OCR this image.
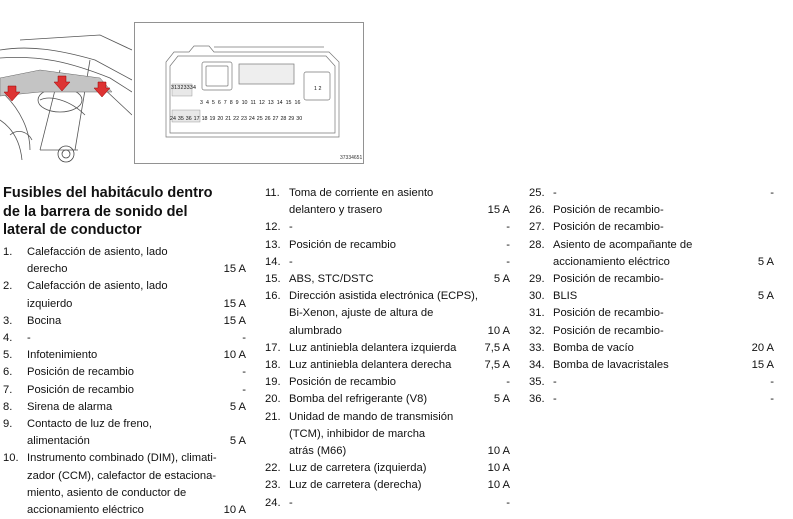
31323334	1 2
3 4 5 6 7 8 9 10 11 12 13 14 15 16
24 35 36 17 18 19 20 21 22 23 24 25 26 27 28 29 30
37334651
Fusibles del habitáculo dentro
de la barrera de sonido del
lateral de conductor
1.	Calefacción de asiento, lado
derecho	15 A
2.	Calefacción de asiento, lado
izquierdo	15 A
3.	Bocina	15 A
4.	-	-
5.	Infotenimiento	10 A
6.	Posición de recambio	-
7.	Posición de recambio	-
8.	Sirena de alarma	5 A
9.	Contacto de luz de freno,
alimentación	5 A
10. Instrumento combinado (DIM), climati-
zador (CCM), calefactor de estaciona-
miento, asiento de conductor de
accionamiento eléctrico	10 A
11. Toma de corriente en asiento
delantero y trasero	15 A
12. -	-
13. Posición de recambio	-
14. -	-
15. ABS, STC/DSTC	5 A
16. Dirección asistida electrónica (ECPS),
Bi-Xenon, ajuste de altura de
alumbrado	10 A
17. Luz antiniebla delantera izquierda	7,5 A
18. Luz antiniebla delantera derecha	7,5 A
19. Posición de recambio	-
20. Bomba del refrigerante (V8)	5 A
21. Unidad de mando de transmisión
(TCM), inhibidor de marcha
atrás (M66)	10 A
22. Luz de carretera (izquierda)	10 A
23. Luz de carretera (derecha)	10 A
24. -	-
25. -	-
26. Posición de recambio-
27. Posición de recambio-
28. Asiento de acompañante de
accionamiento eléctrico	5 A
29. Posición de recambio-
30. BLIS	5 A
31. Posición de recambio-
32. Posición de recambio-
33. Bomba de vacío	20 A
34. Bomba de lavacristales	15 A
35. -	-
36. -	-
